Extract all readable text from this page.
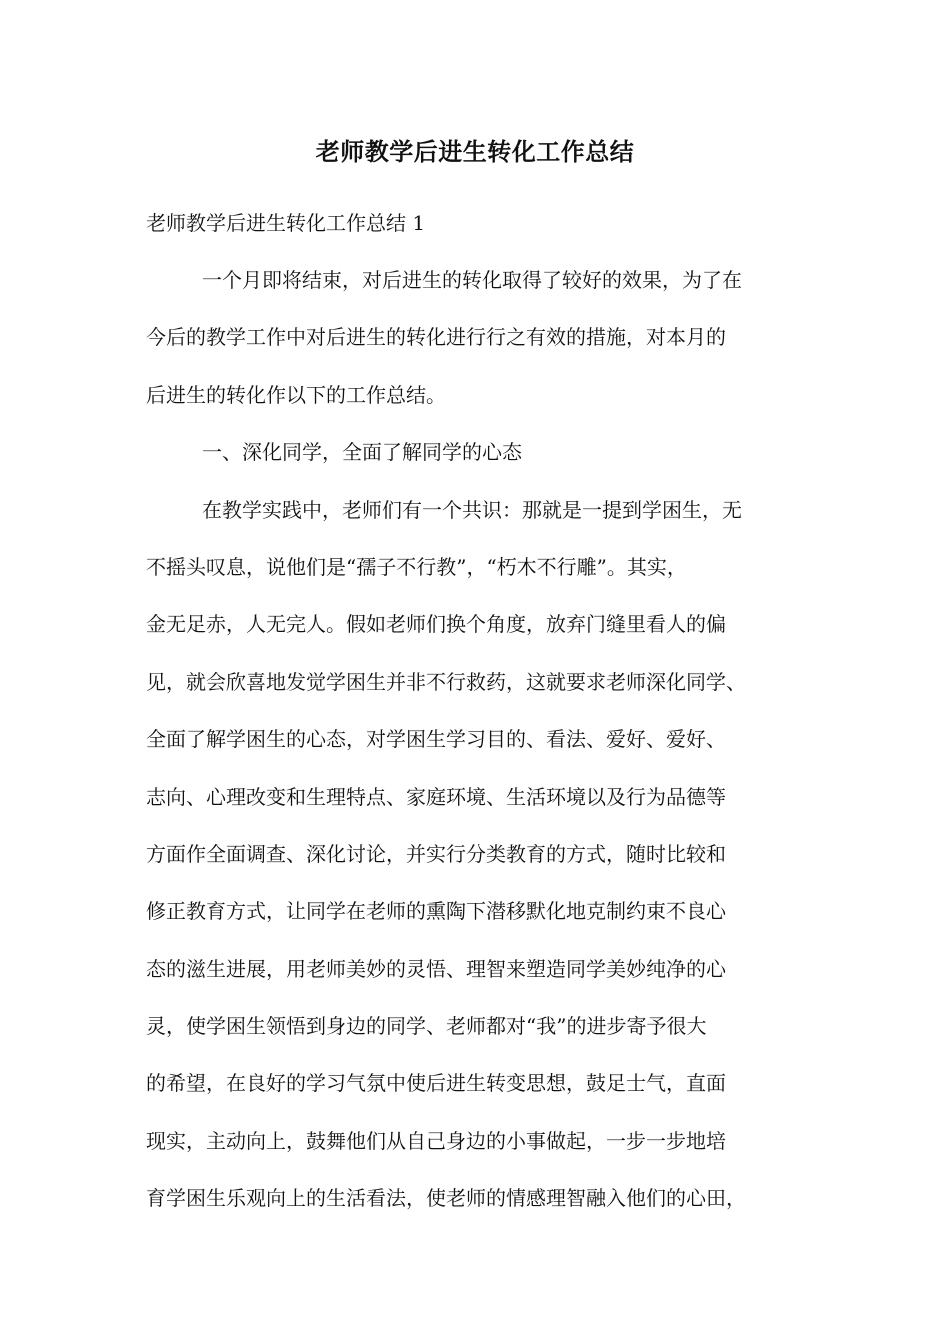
老师教学后进生转化工作总结

老师教学后进生转化工作总结 1

一个月即将结束，对后进生的转化取得了较好的效果，为了在
今后的教学工作中对后进生的转化进行行之有效的措施，对本月的
后进生的转化作以下的工作总结。
一、深化同学，全面了解同学的心态
在教学实践中，老师们有一个共识：那就是一提到学困生，无
不摇头叹息，说他们是“孺子不行教”，“朽木不行雕”。其实，
金无足赤，人无完人。假如老师们换个角度，放弃门缝里看人的偏
见，就会欣喜地发觉学困生并非不行救药，这就要求老师深化同学、
全面了解学困生的心态，对学困生学习目的、看法、爱好、爱好、
志向、心理改变和生理特点、家庭环境、生活环境以及行为品德等
方面作全面调查、深化讨论，并实行分类教育的方式，随时比较和
修正教育方式，让同学在老师的熏陶下潜移默化地克制约束不良心
态的滋生进展，用老师美妙的灵悟、理智来塑造同学美妙纯净的心
灵，使学困生领悟到身边的同学、老师都对“我”的进步寄予很大
的希望，在良好的学习气氛中使后进生转变思想，鼓足士气，直面
现实，主动向上，鼓舞他们从自己身边的小事做起，一步一步地培
育学困生乐观向上的生活看法，使老师的情感理智融入他们的心田，
